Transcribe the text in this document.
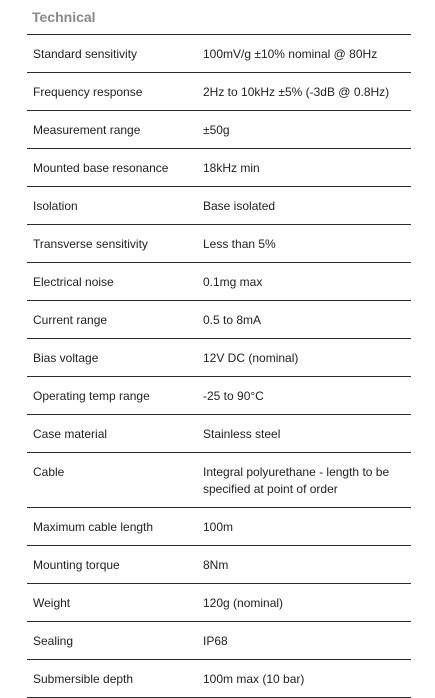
Technical
Standard sensitivity	100mV/g ±10% nominal @ 80Hz
Frequency response	2Hz to 10kHz ±5% (-3dB @ 0.8Hz)
Measurement range	±50g
Mounted base resonance	18kHz min
Isolation	Base isolated
Transverse sensitivity	Less than 5%
Electrical noise	0.1mg max
Current range	0.5 to 8mA
Bias voltage	12V DC (nominal)
Operating temp range	-25 to 90°C
Case material	Stainless steel
Cable	Integral polyurethane - length to be specified at point of order
Maximum cable length	100m
Mounting torque	8Nm
Weight	120g (nominal)
Sealing	IP68
Submersible depth	100m max (10 bar)
